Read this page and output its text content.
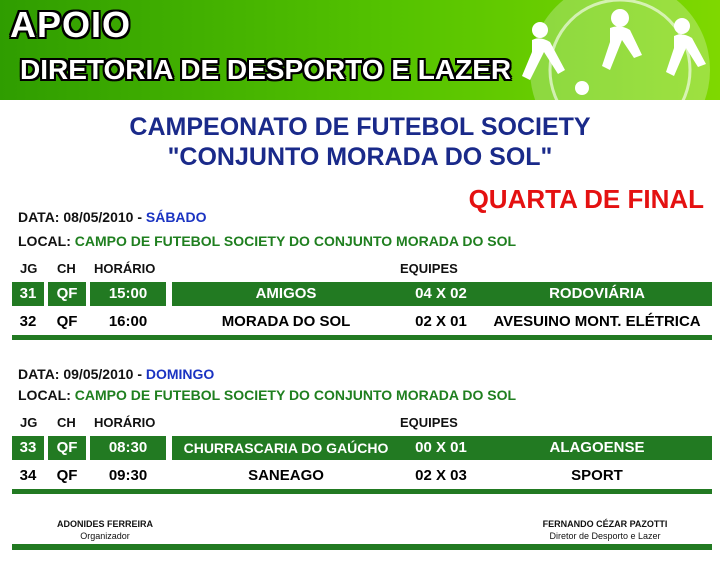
APOIO
DIRETORIA DE DESPORTO E LAZER
CAMPEONATO DE FUTEBOL SOCIETY
"CONJUNTO MORADA DO SOL"
QUARTA DE FINAL
DATA: 08/05/2010 - SÁBADO
LOCAL: CAMPO DE FUTEBOL SOCIETY DO CONJUNTO MORADA DO SOL
JG CH HORÁRIO	EQUIPES
31	QF	15:00	AMIGOS	04 X 02	RODOVIÁRIA
32	QF	16:00	MORADA DO SOL	02 X 01	AVESUINO MONT. ELÉTRICA
DATA: 09/05/2010 - DOMINGO
LOCAL: CAMPO DE FUTEBOL SOCIETY DO CONJUNTO MORADA DO SOL
JG CH HORÁRIO	EQUIPES
33	QF	08:30	CHURRASCARIA DO GAÚCHO	00 X 01	ALAGOENSE
34	QF	09:30	SANEAGO	02 X 03	SPORT
ADONIDES FERREIRA
Organizador
FERNANDO CÉZAR PAZOTTI
Diretor de Desporto e Lazer
